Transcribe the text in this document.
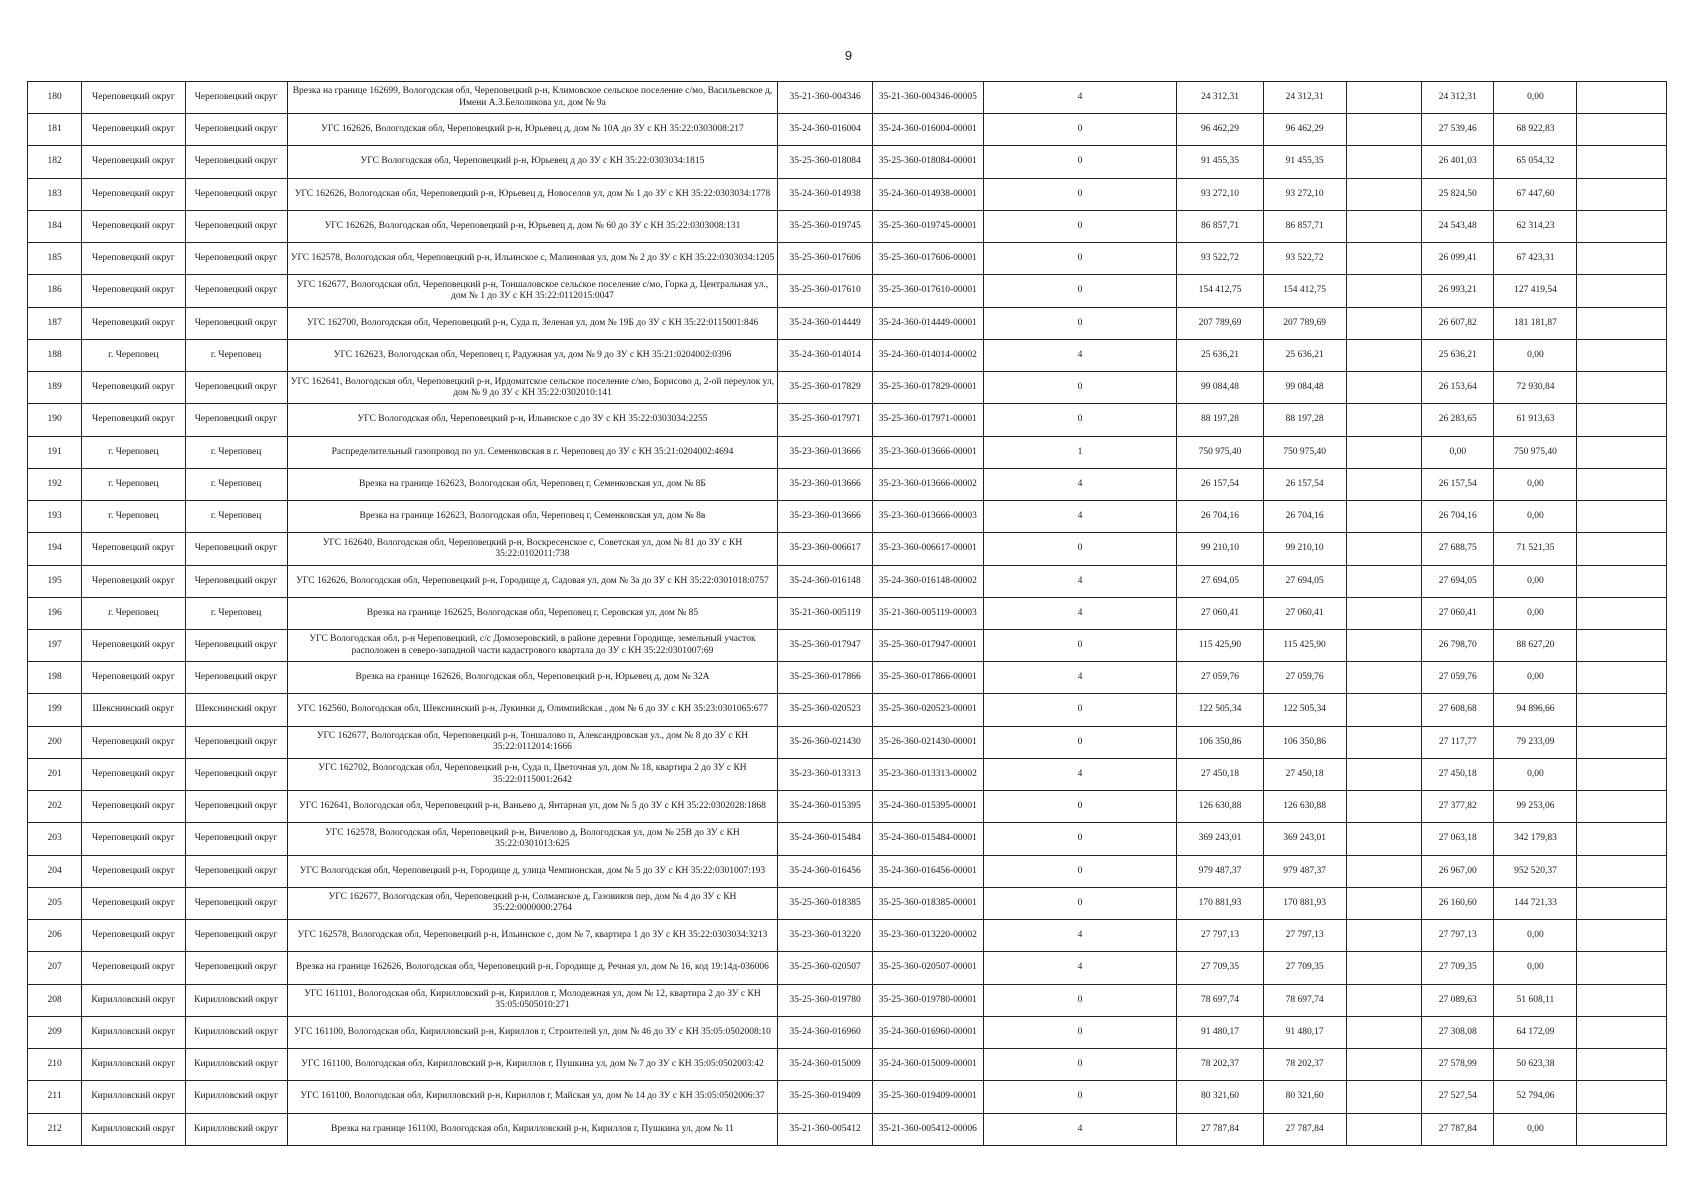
9
180	Череповецкий округ	Череповецкий округ	Врезка на границе 162699, Вологодская обл, Череповецкий р-н, Климовское сельское поселение с/мо, Васильевское д, Имени А.З.Белоликова ул, дом № 9а	35-21-360-004346	35-21-360-004346-00005	4	24 312,31	24 312,31		24 312,31	0,00	
181	Череповецкий округ	Череповецкий округ	УГС 162626, Вологодская обл, Череповецкий р-н, Юрьевец д, дом № 10А до ЗУ с КН 35:22:0303008:217	35-24-360-016004	35-24-360-016004-00001	0	96 462,29	96 462,29		27 539,46	68 922,83	
182	Череповецкий округ	Череповецкий округ	УГС Вологодская обл, Череповецкий р-н, Юрьевец д до ЗУ с КН 35:22:0303034:1815	35-25-360-018084	35-25-360-018084-00001	0	91 455,35	91 455,35		26 401,03	65 054,32	
183	Череповецкий округ	Череповецкий округ	УГС 162626, Вологодская обл, Череповецкий р-н, Юрьевец д, Новоселов ул, дом № 1 до ЗУ с КН 35:22:0303034:1778	35-24-360-014938	35-24-360-014938-00001	0	93 272,10	93 272,10		25 824,50	67 447,60	
184	Череповецкий округ	Череповецкий округ	УГС 162626, Вологодская обл, Череповецкий р-н, Юрьевец д, дом № 60 до ЗУ с КН 35:22:0303008:131	35-25-360-019745	35-25-360-019745-00001	0	86 857,71	86 857,71		24 543,48	62 314,23	
185	Череповецкий округ	Череповецкий округ	УГС 162578, Вологодская обл, Череповецкий р-н, Ильинское с, Малиновая ул, дом № 2 до ЗУ с КН 35:22:0303034:1205	35-25-360-017606	35-25-360-017606-00001	0	93 522,72	93 522,72		26 099,41	67 423,31	
186	Череповецкий округ	Череповецкий округ	УГС 162677, Вологодская обл, Череповецкий р-н, Тоншаловское сельское поселение с/мо, Горка д, Центральная ул., дом № 1 до ЗУ с КН 35:22:0112015:0047	35-25-360-017610	35-25-360-017610-00001	0	154 412,75	154 412,75		26 993,21	127 419,54	
187	Череповецкий округ	Череповецкий округ	УГС 162700, Вологодская обл, Череповецкий р-н, Суда п, Зеленая ул, дом № 19Б до ЗУ с КН 35:22:0115001:846	35-24-360-014449	35-24-360-014449-00001	0	207 789,69	207 789,69		26 607,82	181 181,87	
188	г. Череповец	г. Череповец	УГС 162623, Вологодская обл, Череповец г, Радужная ул, дом № 9 до ЗУ с КН 35:21:0204002:0396	35-24-360-014014	35-24-360-014014-00002	4	25 636,21	25 636,21		25 636,21	0,00	
189	Череповецкий округ	Череповецкий округ	УГС 162641, Вологодская обл, Череповецкий р-н, Ирдоматское сельское поселение с/мо, Борисово д, 2-ой переулок ул, дом № 9 до ЗУ с КН 35:22:0302010:141	35-25-360-017829	35-25-360-017829-00001	0	99 084,48	99 084,48		26 153,64	72 930,84	
190	Череповецкий округ	Череповецкий округ	УГС Вологодская обл, Череповецкий р-н, Ильинское с до ЗУ с КН 35:22:0303034:2255	35-25-360-017971	35-25-360-017971-00001	0	88 197,28	88 197,28		26 283,65	61 913,63	
191	г. Череповец	г. Череповец	Распределительный газопровод по ул. Семенковская в г. Череповец до ЗУ с КН 35:21:0204002:4694	35-23-360-013666	35-23-360-013666-00001	1	750 975,40	750 975,40		0,00	750 975,40	
192	г. Череповец	г. Череповец	Врезка на границе 162623, Вологодская обл, Череповец г, Семенковская ул, дом № 8Б	35-23-360-013666	35-23-360-013666-00002	4	26 157,54	26 157,54		26 157,54	0,00	
193	г. Череповец	г. Череповец	Врезка на границе 162623, Вологодская обл, Череповец г, Семенковская ул, дом № 8в	35-23-360-013666	35-23-360-013666-00003	4	26 704,16	26 704,16		26 704,16	0,00	
194	Череповецкий округ	Череповецкий округ	УГС 162640, Вологодская обл, Череповецкий р-н, Воскресенское с, Советская ул, дом № 81 до ЗУ с КН 35:22:0102011:738	35-23-360-006617	35-23-360-006617-00001	0	99 210,10	99 210,10		27 688,75	71 521,35	
195	Череповецкий округ	Череповецкий округ	УГС 162626, Вологодская обл, Череповецкий р-н, Городище д, Садовая ул, дом № 3а до ЗУ с КН 35:22:0301018:0757	35-24-360-016148	35-24-360-016148-00002	4	27 694,05	27 694,05		27 694,05	0,00	
196	г. Череповец	г. Череповец	Врезка на границе 162625, Вологодская обл, Череповец г, Серовская ул, дом № 85	35-21-360-005119	35-21-360-005119-00003	4	27 060,41	27 060,41		27 060,41	0,00	
197	Череповецкий округ	Череповецкий округ	УГС Вологодская обл, р-н Череповецкий, с/с Домозеровский, в районе деревни Городище, земельный участок расположен в северо-западной части кадастрового квартала до ЗУ с КН 35:22:0301007:69	35-25-360-017947	35-25-360-017947-00001	0	115 425,90	115 425,90		26 798,70	88 627,20	
198	Череповецкий округ	Череповецкий округ	Врезка на границе 162626, Вологодская обл, Череповецкий р-н, Юрьевец д, дом № 32А	35-25-360-017866	35-25-360-017866-00001	4	27 059,76	27 059,76		27 059,76	0,00	
199	Шекснинский округ	Шекснинский округ	УГС 162560, Вологодская обл, Шекснинский р-н, Лукинки д, Олимпийская , дом № 6 до ЗУ с КН 35:23:0301065:677	35-25-360-020523	35-25-360-020523-00001	0	122 505,34	122 505,34		27 608,68	94 896,66	
200	Череповецкий округ	Череповецкий округ	УГС 162677, Вологодская обл, Череповецкий р-н, Тоншалово п, Александровская ул., дом № 8 до ЗУ с КН 35:22:0112014:1666	35-26-360-021430	35-26-360-021430-00001	0	106 350,86	106 350,86		27 117,77	79 233,09	
201	Череповецкий округ	Череповецкий округ	УГС 162702, Вологодская обл, Череповецкий р-н, Суда п, Цветочная ул, дом № 18, квартира 2 до ЗУ с КН 35:22:0115001:2642	35-23-360-013313	35-23-360-013313-00002	4	27 450,18	27 450,18		27 450,18	0,00	
202	Череповецкий округ	Череповецкий округ	УГС 162641, Вологодская обл, Череповецкий р-н, Ваньево д, Янтарная ул, дом № 5 до ЗУ с КН 35:22:0302028:1868	35-24-360-015395	35-24-360-015395-00001	0	126 630,88	126 630,88		27 377,82	99 253,06	
203	Череповецкий округ	Череповецкий округ	УГС 162578, Вологодская обл, Череповецкий р-н, Вичелово д, Вологодская ул, дом № 25В до ЗУ с КН 35:22:0301013:625	35-24-360-015484	35-24-360-015484-00001	0	369 243,01	369 243,01		27 063,18	342 179,83	
204	Череповецкий округ	Череповецкий округ	УГС Вологодская обл, Череповецкий р-н, Городище д, улица Чемпионская, дом № 5 до ЗУ с КН 35:22:0301007:193	35-24-360-016456	35-24-360-016456-00001	0	979 487,37	979 487,37		26 967,00	952 520,37	
205	Череповецкий округ	Череповецкий округ	УГС 162677, Вологодская обл, Череповецкий р-н, Солманское д, Газовиков пер, дом № 4 до ЗУ с КН 35:22:0000000:2764	35-25-360-018385	35-25-360-018385-00001	0	170 881,93	170 881,93		26 160,60	144 721,33	
206	Череповецкий округ	Череповецкий округ	УГС 162578, Вологодская обл, Череповецкий р-н, Ильинское с, дом № 7, квартира 1 до ЗУ с КН 35:22:0303034:3213	35-23-360-013220	35-23-360-013220-00002	4	27 797,13	27 797,13		27 797,13	0,00	
207	Череповецкий округ	Череповецкий округ	Врезка на границе 162626, Вологодская обл, Череповецкий р-н, Городище д, Речная ул, дом № 16, код 19:14д-036006	35-25-360-020507	35-25-360-020507-00001	4	27 709,35	27 709,35		27 709,35	0,00	
208	Кирилловский округ	Кирилловский округ	УГС 161101, Вологодская обл, Кирилловский р-н, Кириллов г, Молодежная ул, дом № 12, квартира 2 до ЗУ с КН 35:05:0505010:271	35-25-360-019780	35-25-360-019780-00001	0	78 697,74	78 697,74		27 089,63	51 608,11	
209	Кирилловский округ	Кирилловский округ	УГС 161100, Вологодская обл, Кирилловский р-н, Кириллов г, Строителей ул, дом № 46 до ЗУ с КН 35:05:0502008:10	35-24-360-016960	35-24-360-016960-00001	0	91 480,17	91 480,17		27 308,08	64 172,09	
210	Кирилловский округ	Кирилловский округ	УГС 161100, Вологодская обл, Кирилловский р-н, Кириллов г, Пушкина ул, дом № 7 до ЗУ с КН 35:05:0502003:42	35-24-360-015009	35-24-360-015009-00001	0	78 202,37	78 202,37		27 578,99	50 623,38	
211	Кирилловский округ	Кирилловский округ	УГС 161100, Вологодская обл, Кирилловский р-н, Кириллов г, Майская ул, дом № 14 до ЗУ с КН 35:05:0502006:37	35-25-360-019409	35-25-360-019409-00001	0	80 321,60	80 321,60		27 527,54	52 794,06	
212	Кирилловский округ	Кирилловский округ	Врезка на границе 161100, Вологодская обл, Кирилловский р-н, Кириллов г, Пушкина ул, дом № 11	35-21-360-005412	35-21-360-005412-00006	4	27 787,84	27 787,84		27 787,84	0,00	
